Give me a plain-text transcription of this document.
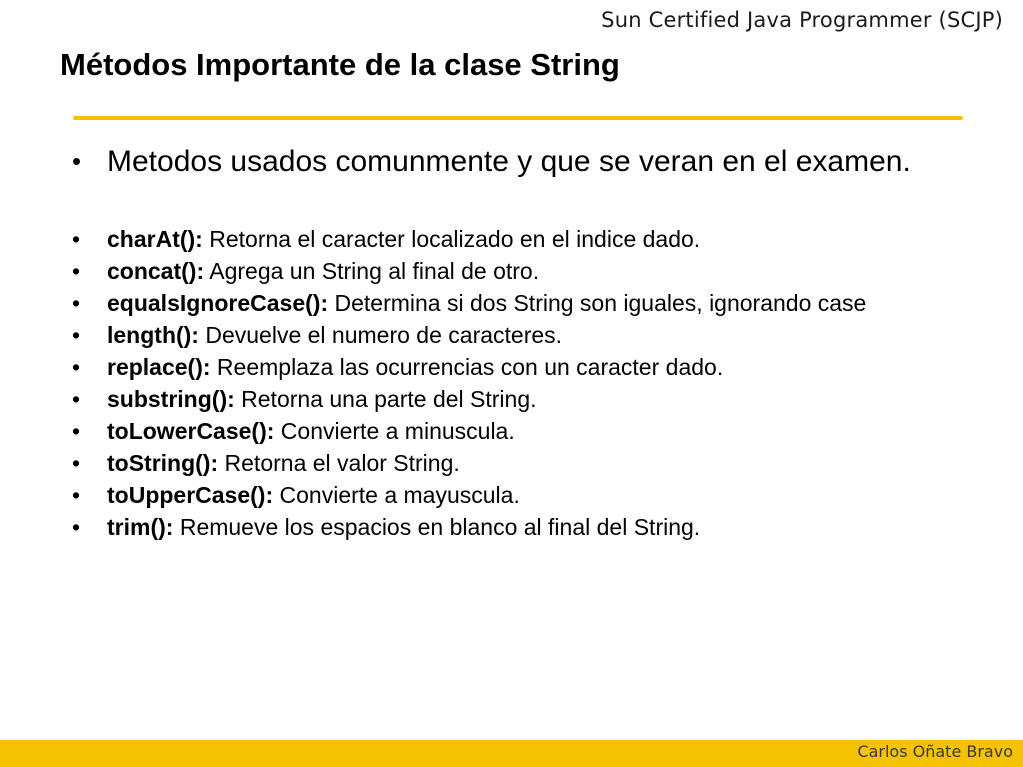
Sun Certified Java Programmer (SCJP)
Métodos Importante de la clase String
• Metodos usados comunmente y que se veran en el examen.
•	charAt(): Retorna el caracter localizado en el indice dado.
•	concat(): Agrega un String al final de otro.
•	equalsIgnoreCase(): Determina si dos String son iguales, ignorando case
•	length(): Devuelve el numero de caracteres.
•	replace(): Reemplaza las ocurrencias con un caracter dado.
•	substring(): Retorna una parte del String.
•	toLowerCase(): Convierte a minuscula.
•	toString(): Retorna el valor String.
•	toUpperCase(): Convierte a mayuscula.
•	trim(): Remueve los espacios en blanco al final del String.
Carlos Oñate Bravo
